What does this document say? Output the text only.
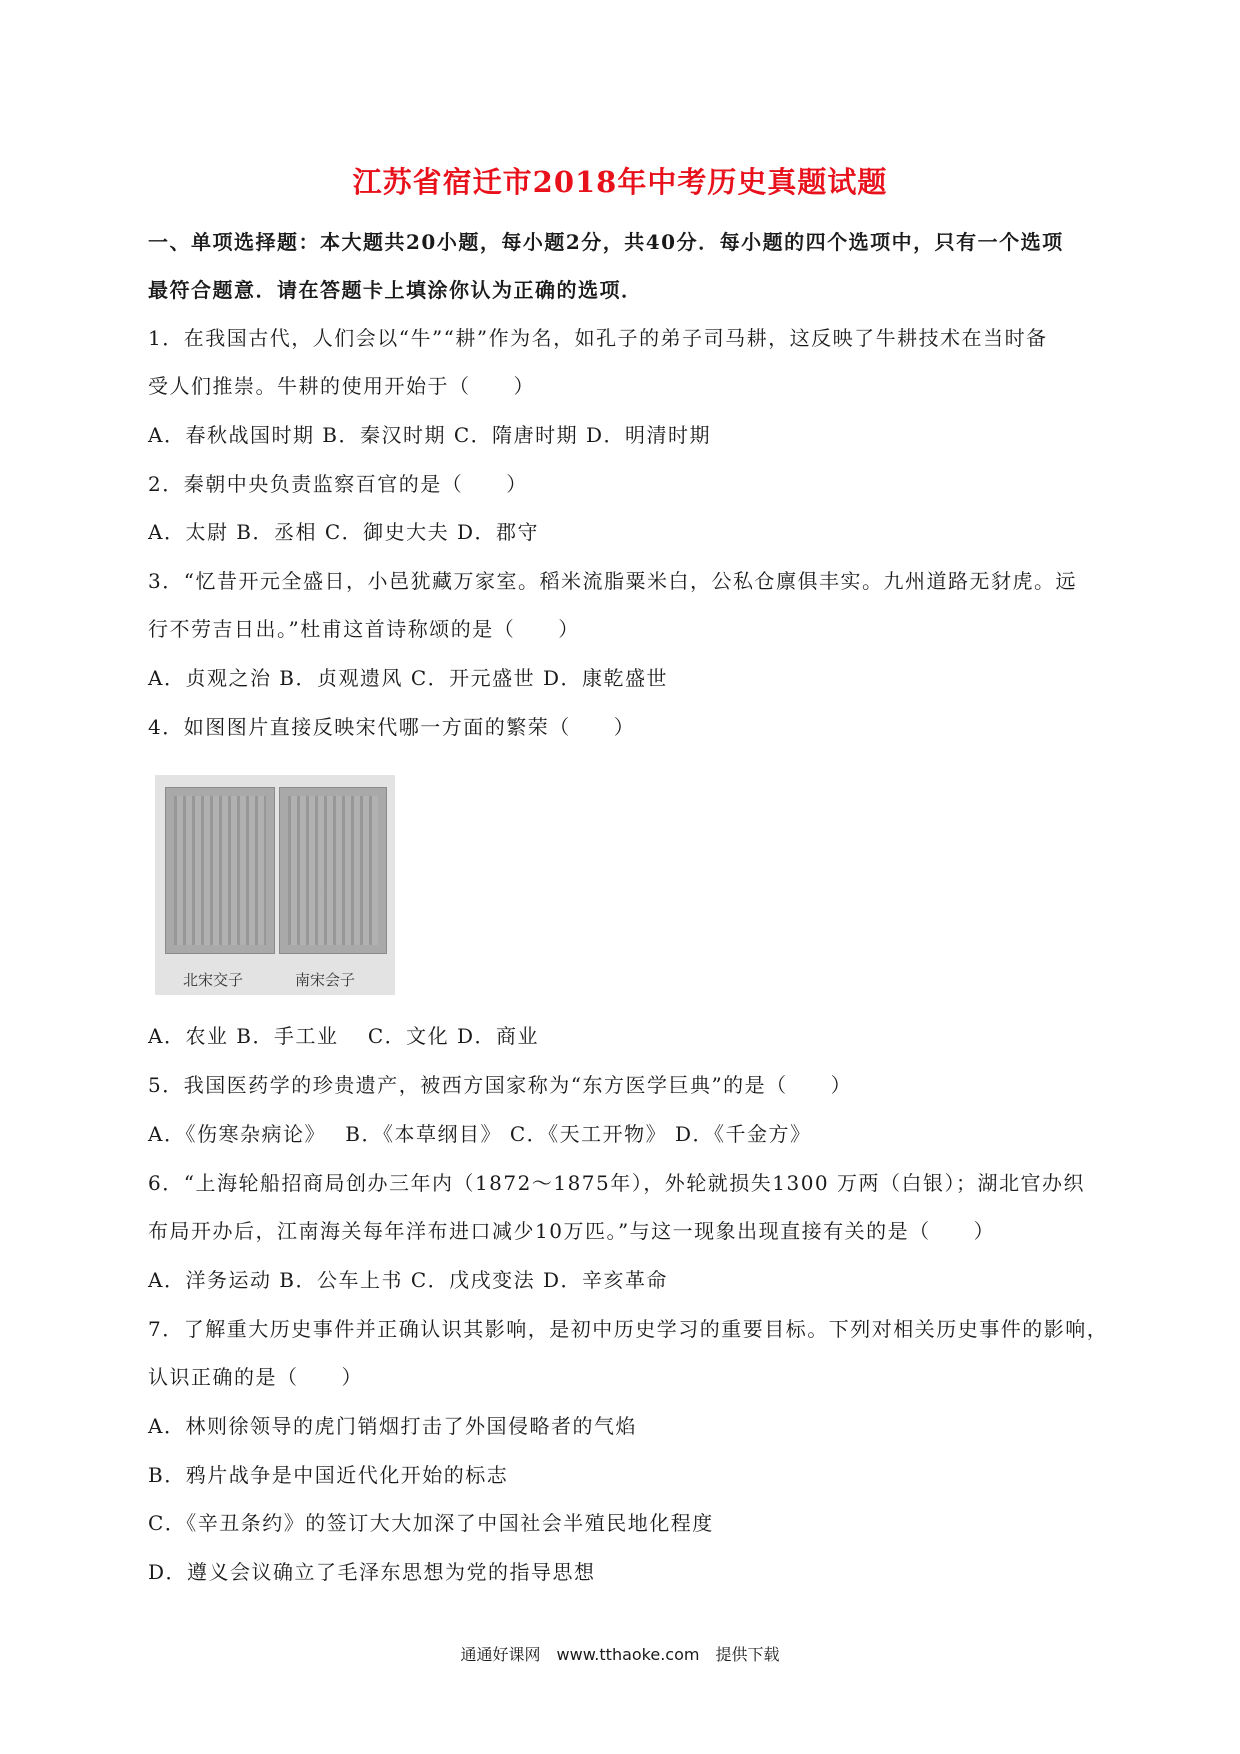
江苏省宿迁市2018年中考历史真题试题
一、单项选择题：本大题共20小题，每小题2分，共40分．每小题的四个选项中，只有一个选项
最符合题意．请在答题卡上填涂你认为正确的选项．
1．在我国古代，人们会以“牛”“耕”作为名，如孔子的弟子司马耕，这反映了牛耕技术在当时备
受人们推崇。牛耕的使用开始于（　　）
A．春秋战国时期 B．秦汉时期 C．隋唐时期 D．明清时期
2．秦朝中央负责监察百官的是（　　）
A．太尉 B．丞相 C．御史大夫 D．郡守
3．“忆昔开元全盛日，小邑犹藏万家室。稻米流脂粟米白，公私仓廪俱丰实。九州道路无豺虎。远
行不劳吉日出。”杜甫这首诗称颂的是（　　）
A．贞观之治 B．贞观遗风 C．开元盛世 D．康乾盛世
4．如图图片直接反映宋代哪一方面的繁荣（　　）
北宋交子	南宋会子
A．农业 B．手工业　 C．文化 D．商业
5．我国医药学的珍贵遗产，被西方国家称为“东方医学巨典”的是（　　）
A．《伤寒杂病论》　 B．《本草纲目》 C．《天工开物》 D．《千金方》
6．“上海轮船招商局创办三年内（1872～1875年），外轮就损失1300 万两（白银）；湖北官办织
布局开办后，江南海关每年洋布进口减少10万匹。”与这一现象出现直接有关的是（　　）
A．洋务运动 B．公车上书 C．戊戌变法 D．辛亥革命
7．了解重大历史事件并正确认识其影响，是初中历史学习的重要目标。下列对相关历史事件的影响，
认识正确的是（　　）
A．林则徐领导的虎门销烟打击了外国侵略者的气焰
B．鸦片战争是中国近代化开始的标志
C．《辛丑条约》的签订大大加深了中国社会半殖民地化程度
D．遵义会议确立了毛泽东思想为党的指导思想
通通好课网　www.tthaoke.com　提供下载
